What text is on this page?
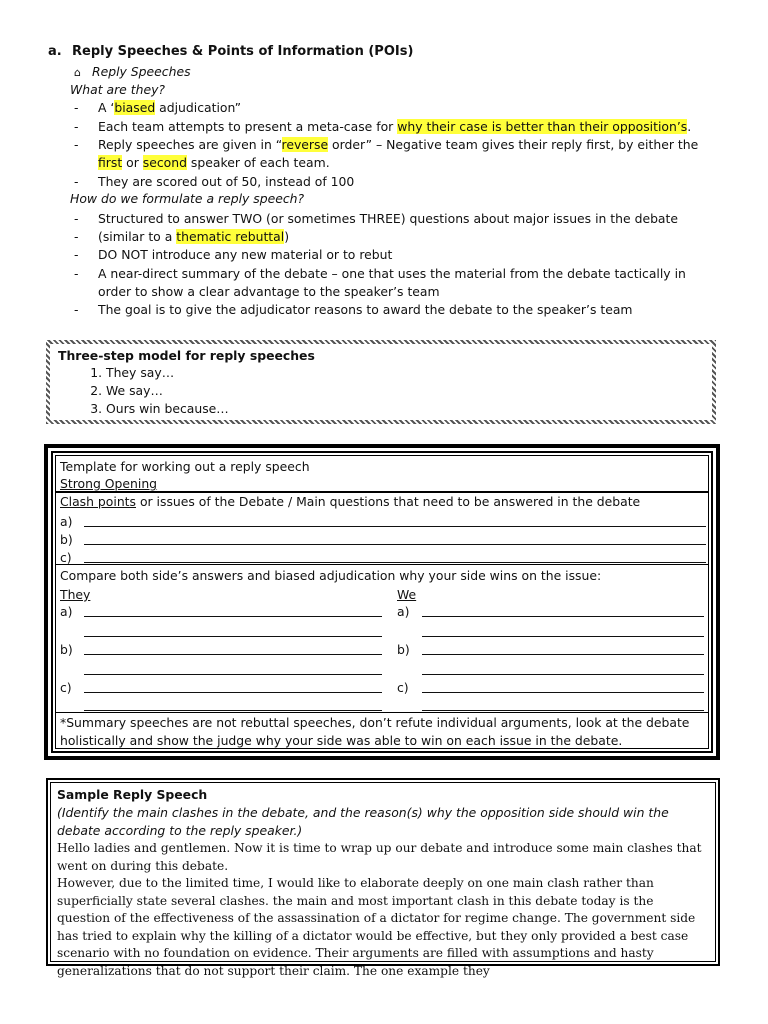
a. Reply Speeches & Points of Information (POIs)
⌂ Reply Speeches
What are they?
- A ‘biased adjudication”
- Each team attempts to present a meta-case for why their case is better than their opposition’s.
- Reply speeches are given in “reverse order” – Negative team gives their reply first, by either the first or second speaker of each team.
- They are scored out of 50, instead of 100
How do we formulate a reply speech?
- Structured to answer TWO (or sometimes THREE) questions about major issues in the debate
- (similar to a thematic rebuttal)
- DO NOT introduce any new material or to rebut
- A near-direct summary of the debate – one that uses the material from the debate tactically in order to show a clear advantage to the speaker’s team
- The goal is to give the adjudicator reasons to award the debate to the speaker’s team
Three-step model for reply speeches
1. They say…
2. We say…
3. Ours win because…
Template for working out a reply speech
Strong Opening
Clash points or issues of the Debate / Main questions that need to be answered in the debate
a)
b)
c)
Compare both side’s answers and biased adjudication why your side wins on the issue:
They	We
a)
b)
c)
a)
b)
c)
*Summary speeches are not rebuttal speeches, don’t refute individual arguments, look at the debate holistically and show the judge why your side was able to win on each issue in the debate.
Sample Reply Speech
(Identify the main clashes in the debate, and the reason(s) why the opposition side should win the debate according to the reply speaker.)
Hello ladies and gentlemen. Now it is time to wrap up our debate and introduce some main clashes that went on during this debate.
However, due to the limited time, I would like to elaborate deeply on one main clash rather than superficially state several clashes. the main and most important clash in this debate today is the question of the effectiveness of the assassination of a dictator for regime change. The government side has tried to explain why the killing of a dictator would be effective, but they only provided a best case scenario with no foundation on evidence. Their arguments are filled with assumptions and hasty generalizations that do not support their claim. The one example they
